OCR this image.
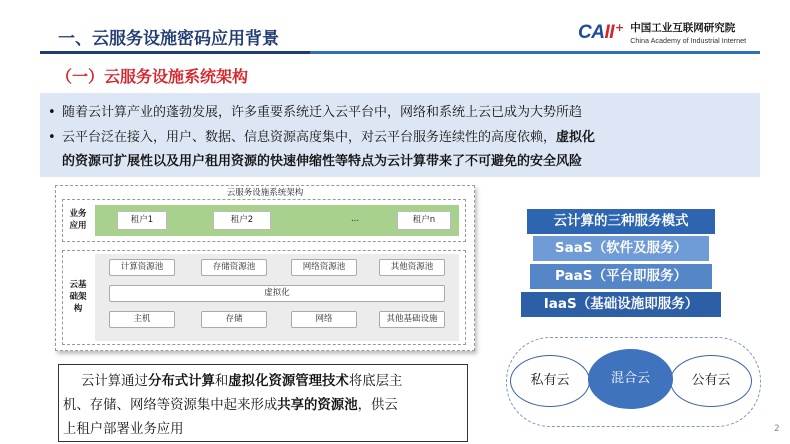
一、云服务设施密码应用背景	CAII + 中国工业互联网研究院
China Academy of Industrial Internet
（一）云服务设施系统架构
• 随着云计算产业的蓬勃发展，许多重要系统迁入云平台中，网络和系统上云已成为大势所趋
• 云平台泛在接入，用户、数据、信息资源高度集中，对云平台服务连续性的高度依赖，虚拟化
的资源可扩展性以及用户租用资源的快速伸缩性等特点为云计算带来了不可避免的安全风险
云服务设施系统架构
业务应用
租户1	租户2	...	租户n
云基础架构
计算资源池	存储资源池	网络资源池	其他资源池
虚拟化
主机	存储	网络	其他基础设施
云计算通过分布式计算和虚拟化资源管理技术将底层主
机、存储、网络等资源集中起来形成共享的资源池，供云
上租户部署业务应用
云计算的三种服务模式
SaaS（软件及服务）
PaaS（平台即服务）
IaaS（基础设施即服务）
私有云	公有云
混合云
2
